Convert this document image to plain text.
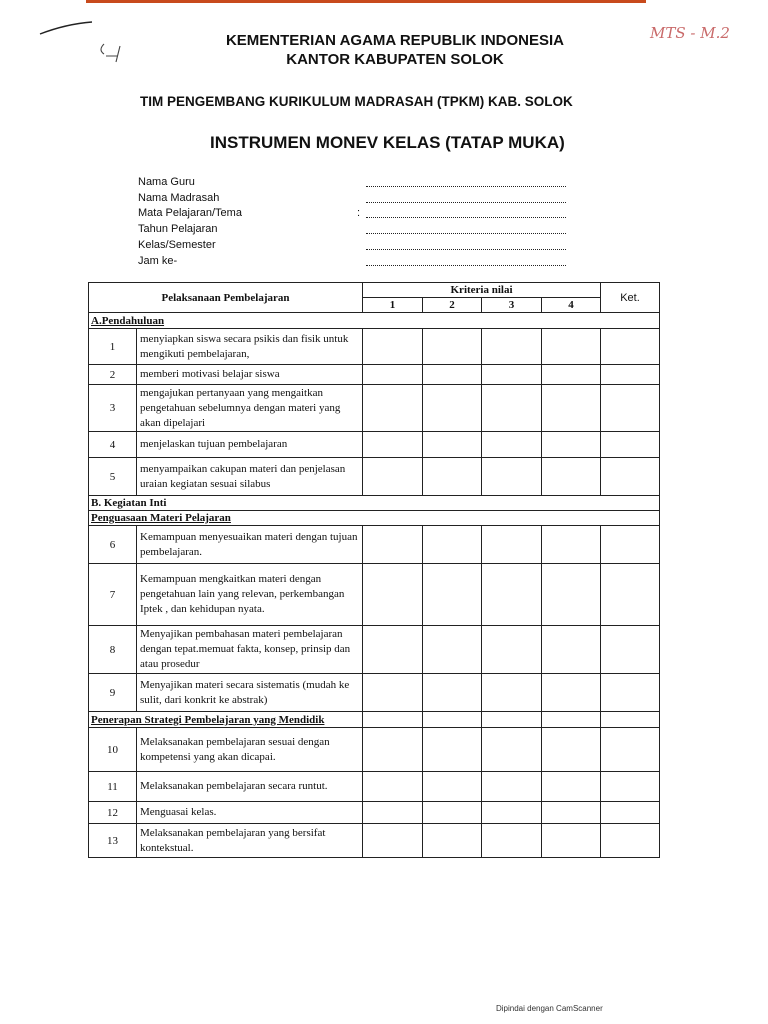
MTS - M.2
KEMENTERIAN AGAMA REPUBLIK INDONESIA
KANTOR KABUPATEN SOLOK
TIM PENGEMBANG KURIKULUM MADRASAH (TPKM) KAB. SOLOK
INSTRUMEN MONEV KELAS (TATAP MUKA)
Nama Guru
Nama Madrasah
Mata Pelajaran/Tema	:
Tahun Pelajaran
Kelas/Semester
Jam ke-
Pelaksanaan Pembelajaran		Kriteria nilai				Ket.
		1	2	3	4	
A.Pendahuluan						
1	menyiapkan siswa secara psikis dan fisik untuk mengikuti pembelajaran,					
2	memberi motivasi belajar siswa					
3	mengajukan pertanyaan yang mengaitkan pengetahuan sebelumnya dengan materi yang akan dipelajari					
4	menjelaskan tujuan pembelajaran					
5	menyampaikan cakupan materi dan penjelasan uraian kegiatan sesuai silabus					
B. Kegiatan Inti						
Penguasaan Materi Pelajaran						
6	Kemampuan menyesuaikan materi dengan tujuan pembelajaran.					
7	Kemampuan mengkaitkan materi dengan pengetahuan lain yang relevan, perkembangan Iptek , dan kehidupan nyata.					
8	Menyajikan pembahasan materi pembelajaran dengan tepat.memuat fakta, konsep, prinsip dan atau prosedur					
9	Menyajikan materi secara sistematis (mudah ke sulit, dari konkrit ke abstrak)					
Penerapan Strategi Pembelajaran yang Mendidik						
10	Melaksanakan pembelajaran sesuai dengan kompetensi yang akan dicapai.					
11	Melaksanakan pembelajaran secara runtut.					
12	Menguasai kelas.					
13	Melaksanakan pembelajaran yang bersifat kontekstual.					
Dipindai dengan CamScanner
